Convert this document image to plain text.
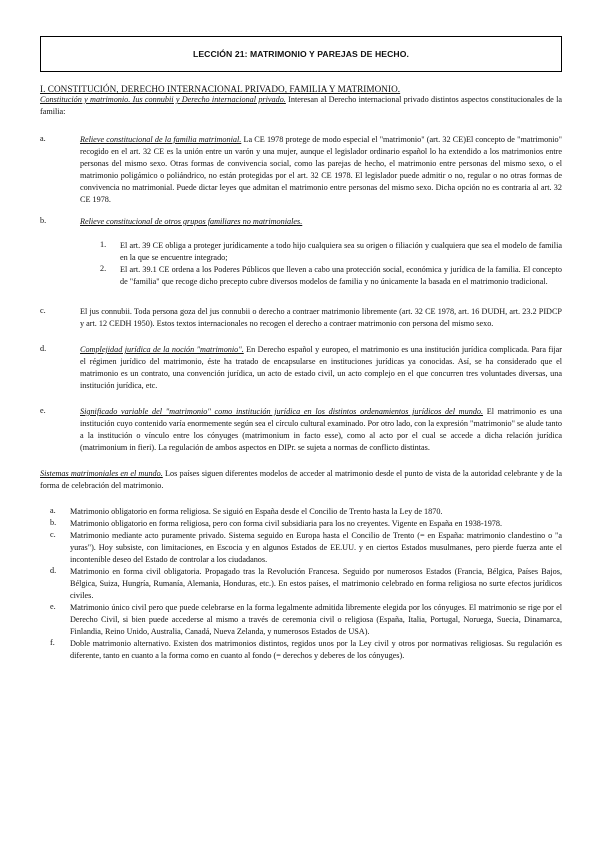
LECCIÓN 21: MATRIMONIO Y PAREJAS DE HECHO.
I. CONSTITUCIÓN, DERECHO INTERNACIONAL PRIVADO, FAMILIA Y MATRIMONIO.

Constitución y matrimonio. Ius connubii y Derecho internacional privado. Interesan al Derecho internacional privado distintos aspectos constitucionales de la familia:

a.	Relieve constitucional de la familia matrimonial. La CE 1978 protege de modo especial el "matrimonio" (art. 32 CE)El concepto de "matrimonio" recogido en el art. 32 CE es la unión entre un varón y una mujer, aunque el legislador ordinario español lo ha extendido a los matrimonios entre personas del mismo sexo. Otras formas de convivencia social, como las parejas de hecho, el matrimonio entre personas del mismo sexo, o el matrimonio poligámico o poliándrico, no están protegidas por el art. 32 CE 1978. El legislador puede admitir o no, regular o no otras formas de convivencia no matrimonial. Puede dictar leyes que admitan el matrimonio entre personas del mismo sexo. Dicha opción no es contraria al art. 32 CE 1978.

b.	Relieve constitucional de otros grupos familiares no matrimoniales.

1. El art. 39 CE obliga a proteger jurídicamente a todo hijo cualquiera sea su origen o filiación y cualquiera que sea el modelo de familia en la que se encuentre integrado;

2. El art. 39.1 CE ordena a los Poderes Públicos que lleven a cabo una protección social, económica y jurídica de la familia. El concepto de "familia" que recoge dicho precepto cubre diversos modelos de familia y no únicamente la basada en el matrimonio tradicional.

c.	El jus connubii. Toda persona goza del jus connubii o derecho a contraer matrimonio libremente (art. 32 CE 1978, art. 16 DUDH, art. 23.2 PIDCP y art. 12 CEDH 1950). Estos textos internacionales no recogen el derecho a contraer matrimonio con persona del mismo sexo.

d.	Complejidad jurídica de la noción "matrimonio". En Derecho español y europeo, el matrimonio es una institución jurídica complicada. Para fijar el régimen jurídico del matrimonio, éste ha tratado de encapsularse en instituciones jurídicas ya conocidas. Así, se ha considerado que el matrimonio es un contrato, una convención jurídica, un acto de estado civil, un acto complejo en el que concurren tres voluntades diversas, una institución jurídica, etc.

e.	Significado variable del "matrimonio" como institución jurídica en los distintos ordenamientos jurídicos del mundo. El matrimonio es una institución cuyo contenido varía enormemente según sea el círculo cultural examinado. Por otro lado, con la expresión "matrimonio" se alude tanto a la institución o vínculo entre los cónyuges (matrimonium in facto esse), como al acto por el cual se accede a dicha relación jurídica (matrimonium in fieri). La regulación de ambos aspectos en DIPr. se sujeta a normas de conflicto distintas.

Sistemas matrimoniales en el mundo. Los países siguen diferentes modelos de acceder al matrimonio desde el punto de vista de la autoridad celebrante y de la forma de celebración del matrimonio.

a. Matrimonio obligatorio en forma religiosa. Se siguió en España desde el Concilio de Trento hasta la Ley de 1870.

b. Matrimonio obligatorio en forma religiosa, pero con forma civil subsidiaria para los no creyentes. Vigente en España en 1938-1978.

c. Matrimonio mediante acto puramente privado. Sistema seguido en Europa hasta el Concilio de Trento (= en España: matrimonio clandestino o "a yuras"). Hoy subsiste, con limitaciones, en Escocia y en algunos Estados de EE.UU. y en ciertos Estados musulmanes, pero pierde fuerza ante el incontenible deseo del Estado de controlar a los ciudadanos.

d. Matrimonio en forma civil obligatoria. Propagado tras la Revolución Francesa. Seguido por numerosos Estados (Francia, Bélgica, Países Bajos, Bélgica, Suiza, Hungría, Rumanía, Alemania, Honduras, etc.). En estos países, el matrimonio celebrado en forma religiosa no surte efectos jurídicos civiles.

e. Matrimonio único civil pero que puede celebrarse en la forma legalmente admitida libremente elegida por los cónyuges. El matrimonio se rige por el Derecho Civil, si bien puede accederse al mismo a través de ceremonia civil o religiosa (España, Italia, Portugal, Noruega, Suecia, Dinamarca, Finlandia, Reino Unido, Australia, Canadá, Nueva Zelanda, y numerosos Estados de USA).

f. Doble matrimonio alternativo. Existen dos matrimonios distintos, regidos unos por la Ley civil y otros por normativas religiosas. Su regulación es diferente, tanto en cuanto a la forma como en cuanto al fondo (= derechos y deberes de los cónyuges).
